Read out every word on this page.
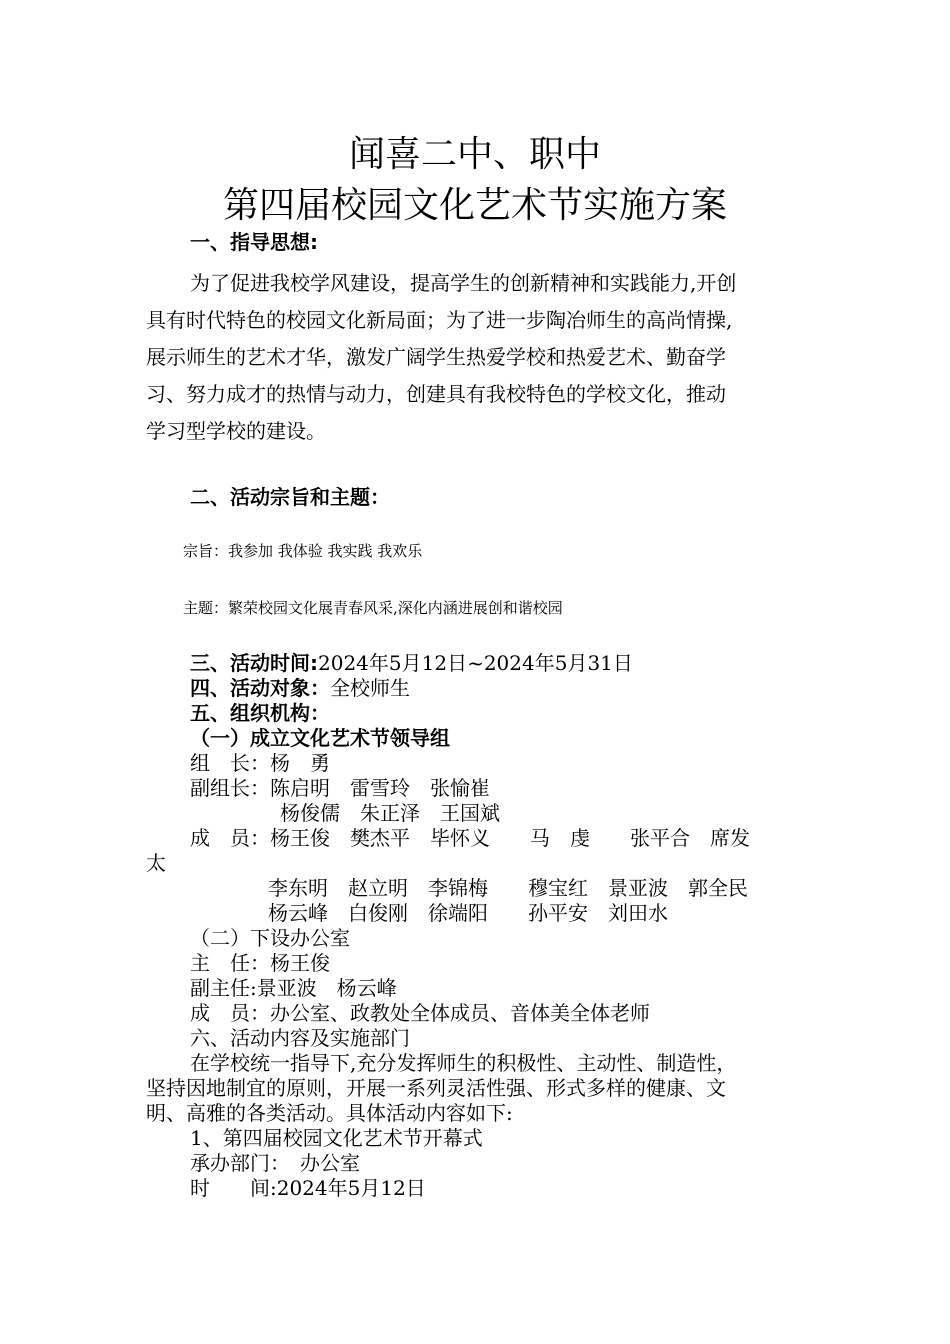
闻喜二中、职中
第四届校园文化艺术节实施方案
一、指导思想:
为了促进我校学风建设，提高学生的创新精神和实践能力,开创
具有时代特色的校园文化新局面；为了进一步陶冶师生的高尚情操,
展示师生的艺术才华，激发广阔学生热爱学校和热爱艺术、勤奋学
习、努力成才的热情与动力，创建具有我校特色的学校文化，推动
学习型学校的建设。
二、活动宗旨和主题：
宗旨：我参加 我体验 我实践 我欢乐
主题：繁荣校园文化展青春风采,深化内涵进展创和谐校园
三、活动时间:2024年5月12日~2024年5月31日
四、活动对象：全校师生
五、组织机构：
（一）成立文化艺术节领导组
组　长：杨　勇
副组长：陈启明　雷雪玲　张愉崔
杨俊儒　朱正泽　王国斌
成　员：杨王俊　樊杰平　毕怀义　　马　虔　　张平合　席发
太
李东明　赵立明　李锦梅　　穆宝红　景亚波　郭全民
杨云峰　白俊刚　徐端阳　　孙平安　刘田水
（二）下设办公室
主　任：杨王俊
副主任:景亚波　杨云峰
成　员：办公室、政教处全体成员、音体美全体老师
六、活动内容及实施部门
在学校统一指导下,充分发挥师生的积极性、主动性、制造性，
坚持因地制宜的原则，开展一系列灵活性强、形式多样的健康、文
明、高雅的各类活动。具体活动内容如下:
1、第四届校园文化艺术节开幕式
承办部门：　办公室
时　　间:2024年5月12日
